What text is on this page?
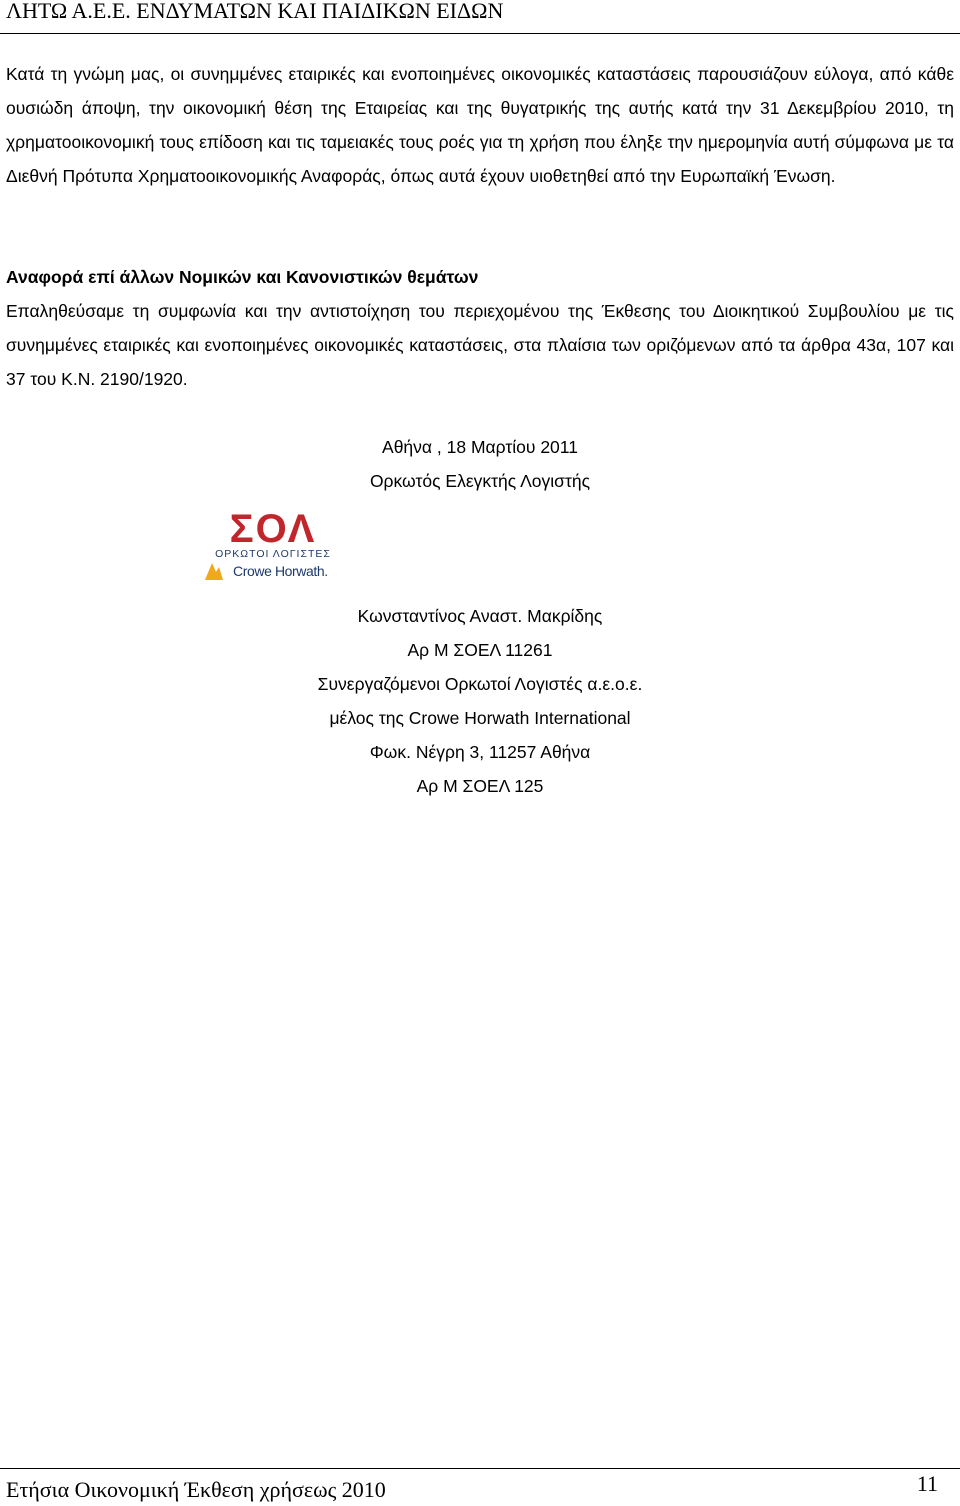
ΛΗΤΩ Α.Ε.Ε. ΕΝΔΥΜΑΤΩΝ ΚΑΙ ΠΑΙΔΙΚΩΝ ΕΙΔΩΝ
Κατά τη γνώμη μας, οι συνημμένες εταιρικές και ενοποιημένες οικονομικές καταστάσεις παρουσιάζουν εύλογα, από κάθε ουσιώδη άποψη, την οικονομική θέση της Εταιρείας και της θυγατρικής της αυτής κατά την 31 Δεκεμβρίου 2010, τη χρηματοοικονομική τους επίδοση και τις ταμειακές τους ροές για τη χρήση που έληξε την ημερομηνία αυτή σύμφωνα με τα Διεθνή Πρότυπα Χρηματοοικονομικής Αναφοράς, όπως αυτά έχουν υιοθετηθεί από την Ευρωπαϊκή Ένωση.
Αναφορά επί άλλων Νομικών και Κανονιστικών θεμάτων
Επαληθεύσαμε τη συμφωνία και την αντιστοίχηση του περιεχομένου της Έκθεσης του Διοικητικού Συμβουλίου με τις συνημμένες εταιρικές και ενοποιημένες οικονομικές καταστάσεις, στα πλαίσια των οριζόμενων από τα άρθρα 43α, 107 και 37 του Κ.Ν. 2190/1920.
Αθήνα , 18 Μαρτίου 2011
Ορκωτός Ελεγκτής Λογιστής
ΣΟΛ
ΟΡΚΩΤΟΙ ΛΟΓΙΣΤΕΣ
Crowe Horwath.
Κωνσταντίνος Αναστ. Μακρίδης
Αρ Μ ΣΟΕΛ 11261
Συνεργαζόμενοι Ορκωτοί Λογιστές α.ε.ο.ε.
μέλος της Crowe Horwath International
Φωκ. Νέγρη 3, 11257 Αθήνα
Αρ Μ ΣΟΕΛ 125
Ετήσια Οικονομική Έκθεση χρήσεως 2010	11
